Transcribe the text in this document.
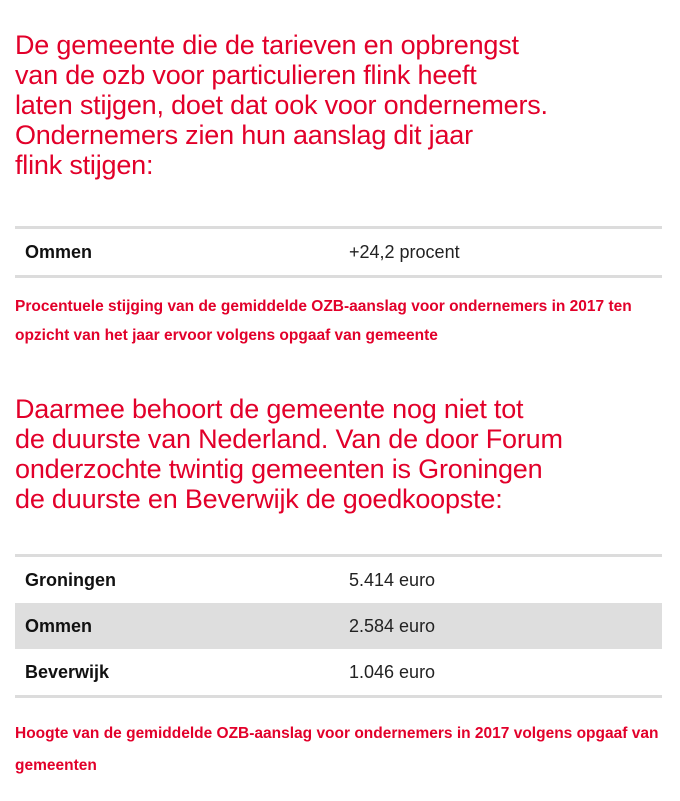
De gemeente die de tarieven en opbrengst
van de ozb voor particulieren flink heeft
laten stijgen, doet dat ook voor ondernemers.
Ondernemers zien hun aanslag dit jaar
flink stijgen:

Ommen	+24,2 procent

Procentuele stijging van de gemiddelde OZB-aanslag voor ondernemers in 2017 ten opzicht van het jaar ervoor volgens opgaaf van gemeente

Daarmee behoort de gemeente nog niet tot
de duurste van Nederland. Van de door Forum
onderzochte twintig gemeenten is Groningen
de duurste en Beverwijk de goedkoopste:

Groningen	5.414 euro
Ommen	2.584 euro
Beverwijk	1.046 euro

Hoogte van de gemiddelde OZB-aanslag voor ondernemers in 2017 volgens opgaaf van gemeenten
